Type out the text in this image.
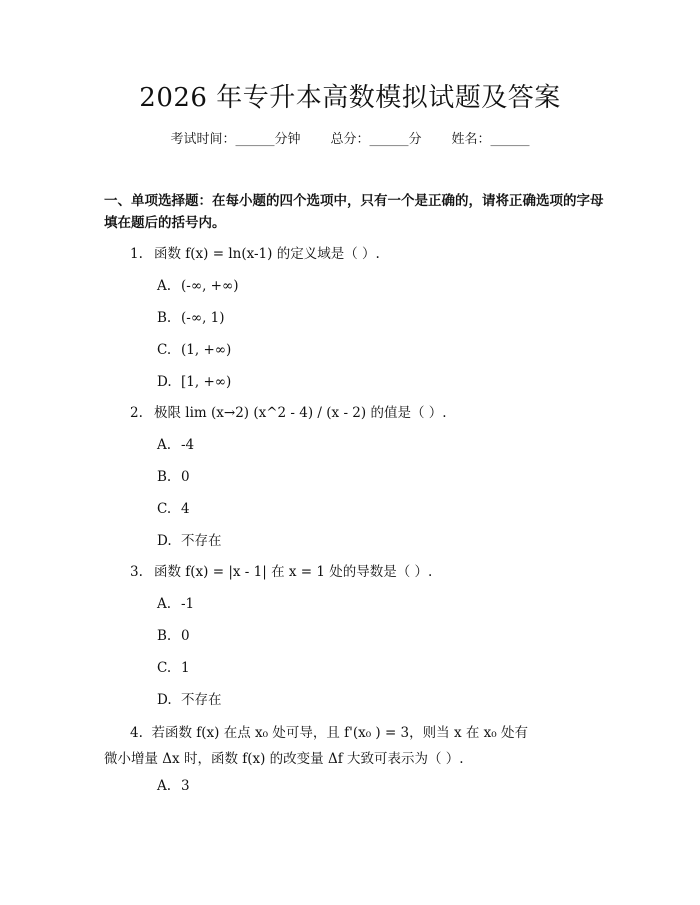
2026 年专升本高数模拟试题及答案
考试时间：______分钟 总分：______分 姓名：______
一、单项选择题：在每小题的四个选项中，只有一个是正确的，请将正确选项的字母填在题后的括号内。
1. 函数 f(x) = ln(x-1) 的定义域是（ ）.
A. (-∞, +∞)
B. (-∞, 1)
C. (1, +∞)
D. [1, +∞)
2. 极限 lim (x→2) (x^2 - 4) / (x - 2) 的值是（ ）.
A. -4
B. 0
C. 4
D. 不存在
3. 函数 f(x) = |x - 1| 在 x = 1 处的导数是（ ）.
A. -1
B. 0
C. 1
D. 不存在
4. 若函数 f(x) 在点 x₀ 处可导，且 f'(x₀ ) = 3，则当 x 在 x₀ 处有
微小增量 Δx 时，函数 f(x) 的改变量 Δf 大致可表示为（ ）.
A. 3
